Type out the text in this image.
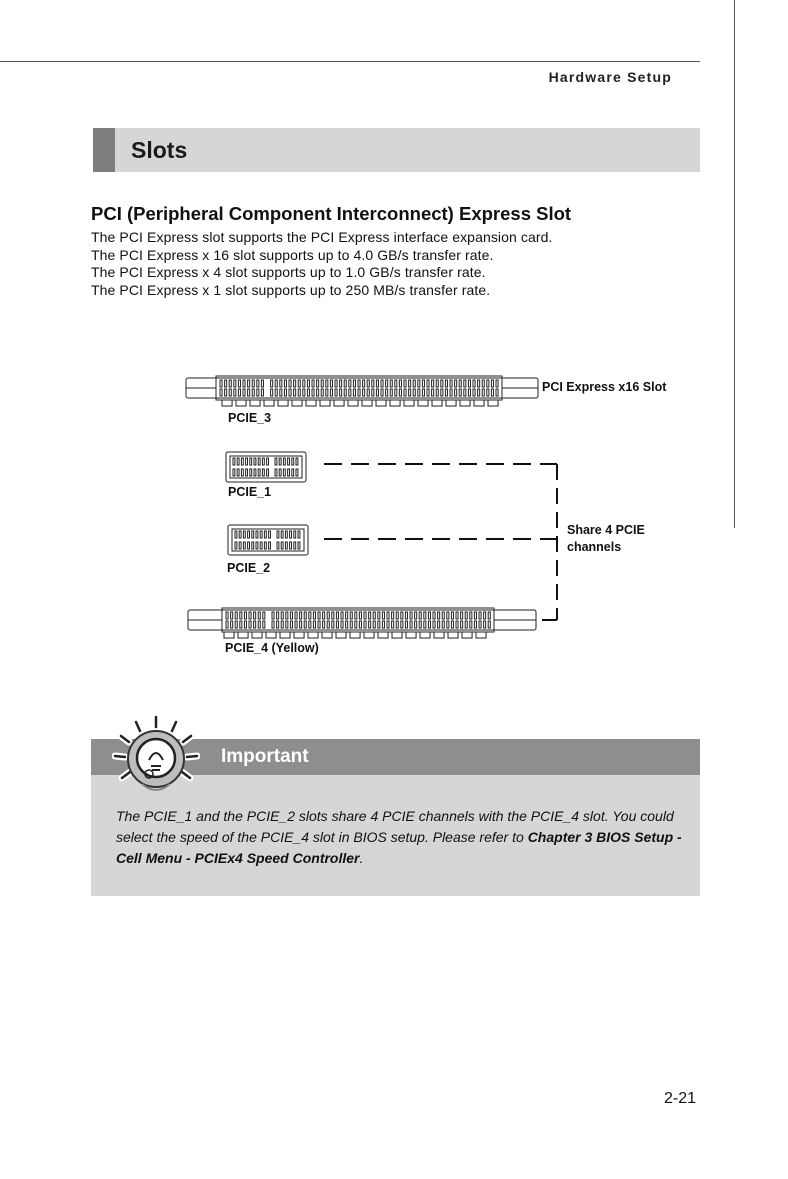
Hardware Setup
Slots
PCI (Peripheral Component Interconnect) Express Slot
The PCI Express slot supports the PCI Express interface expansion card.
The PCI Express x 16 slot supports up to 4.0 GB/s transfer rate.
The PCI Express x 4 slot supports up to 1.0 GB/s transfer rate.
The PCI Express x 1 slot supports up to 250 MB/s transfer rate.
PCI Express x16 Slot
PCIE_3
PCIE_1
PCIE_2
PCIE_4 (Yellow)
Share 4 PCIE
channels
Important
The PCIE_1 and the PCIE_2 slots share 4 PCIE channels with the PCIE_4 slot. You could select the speed of the PCIE_4 slot in BIOS setup. Please refer to Chapter 3 BIOS Setup - Cell Menu - PCIEx4 Speed Controller.
2-21
